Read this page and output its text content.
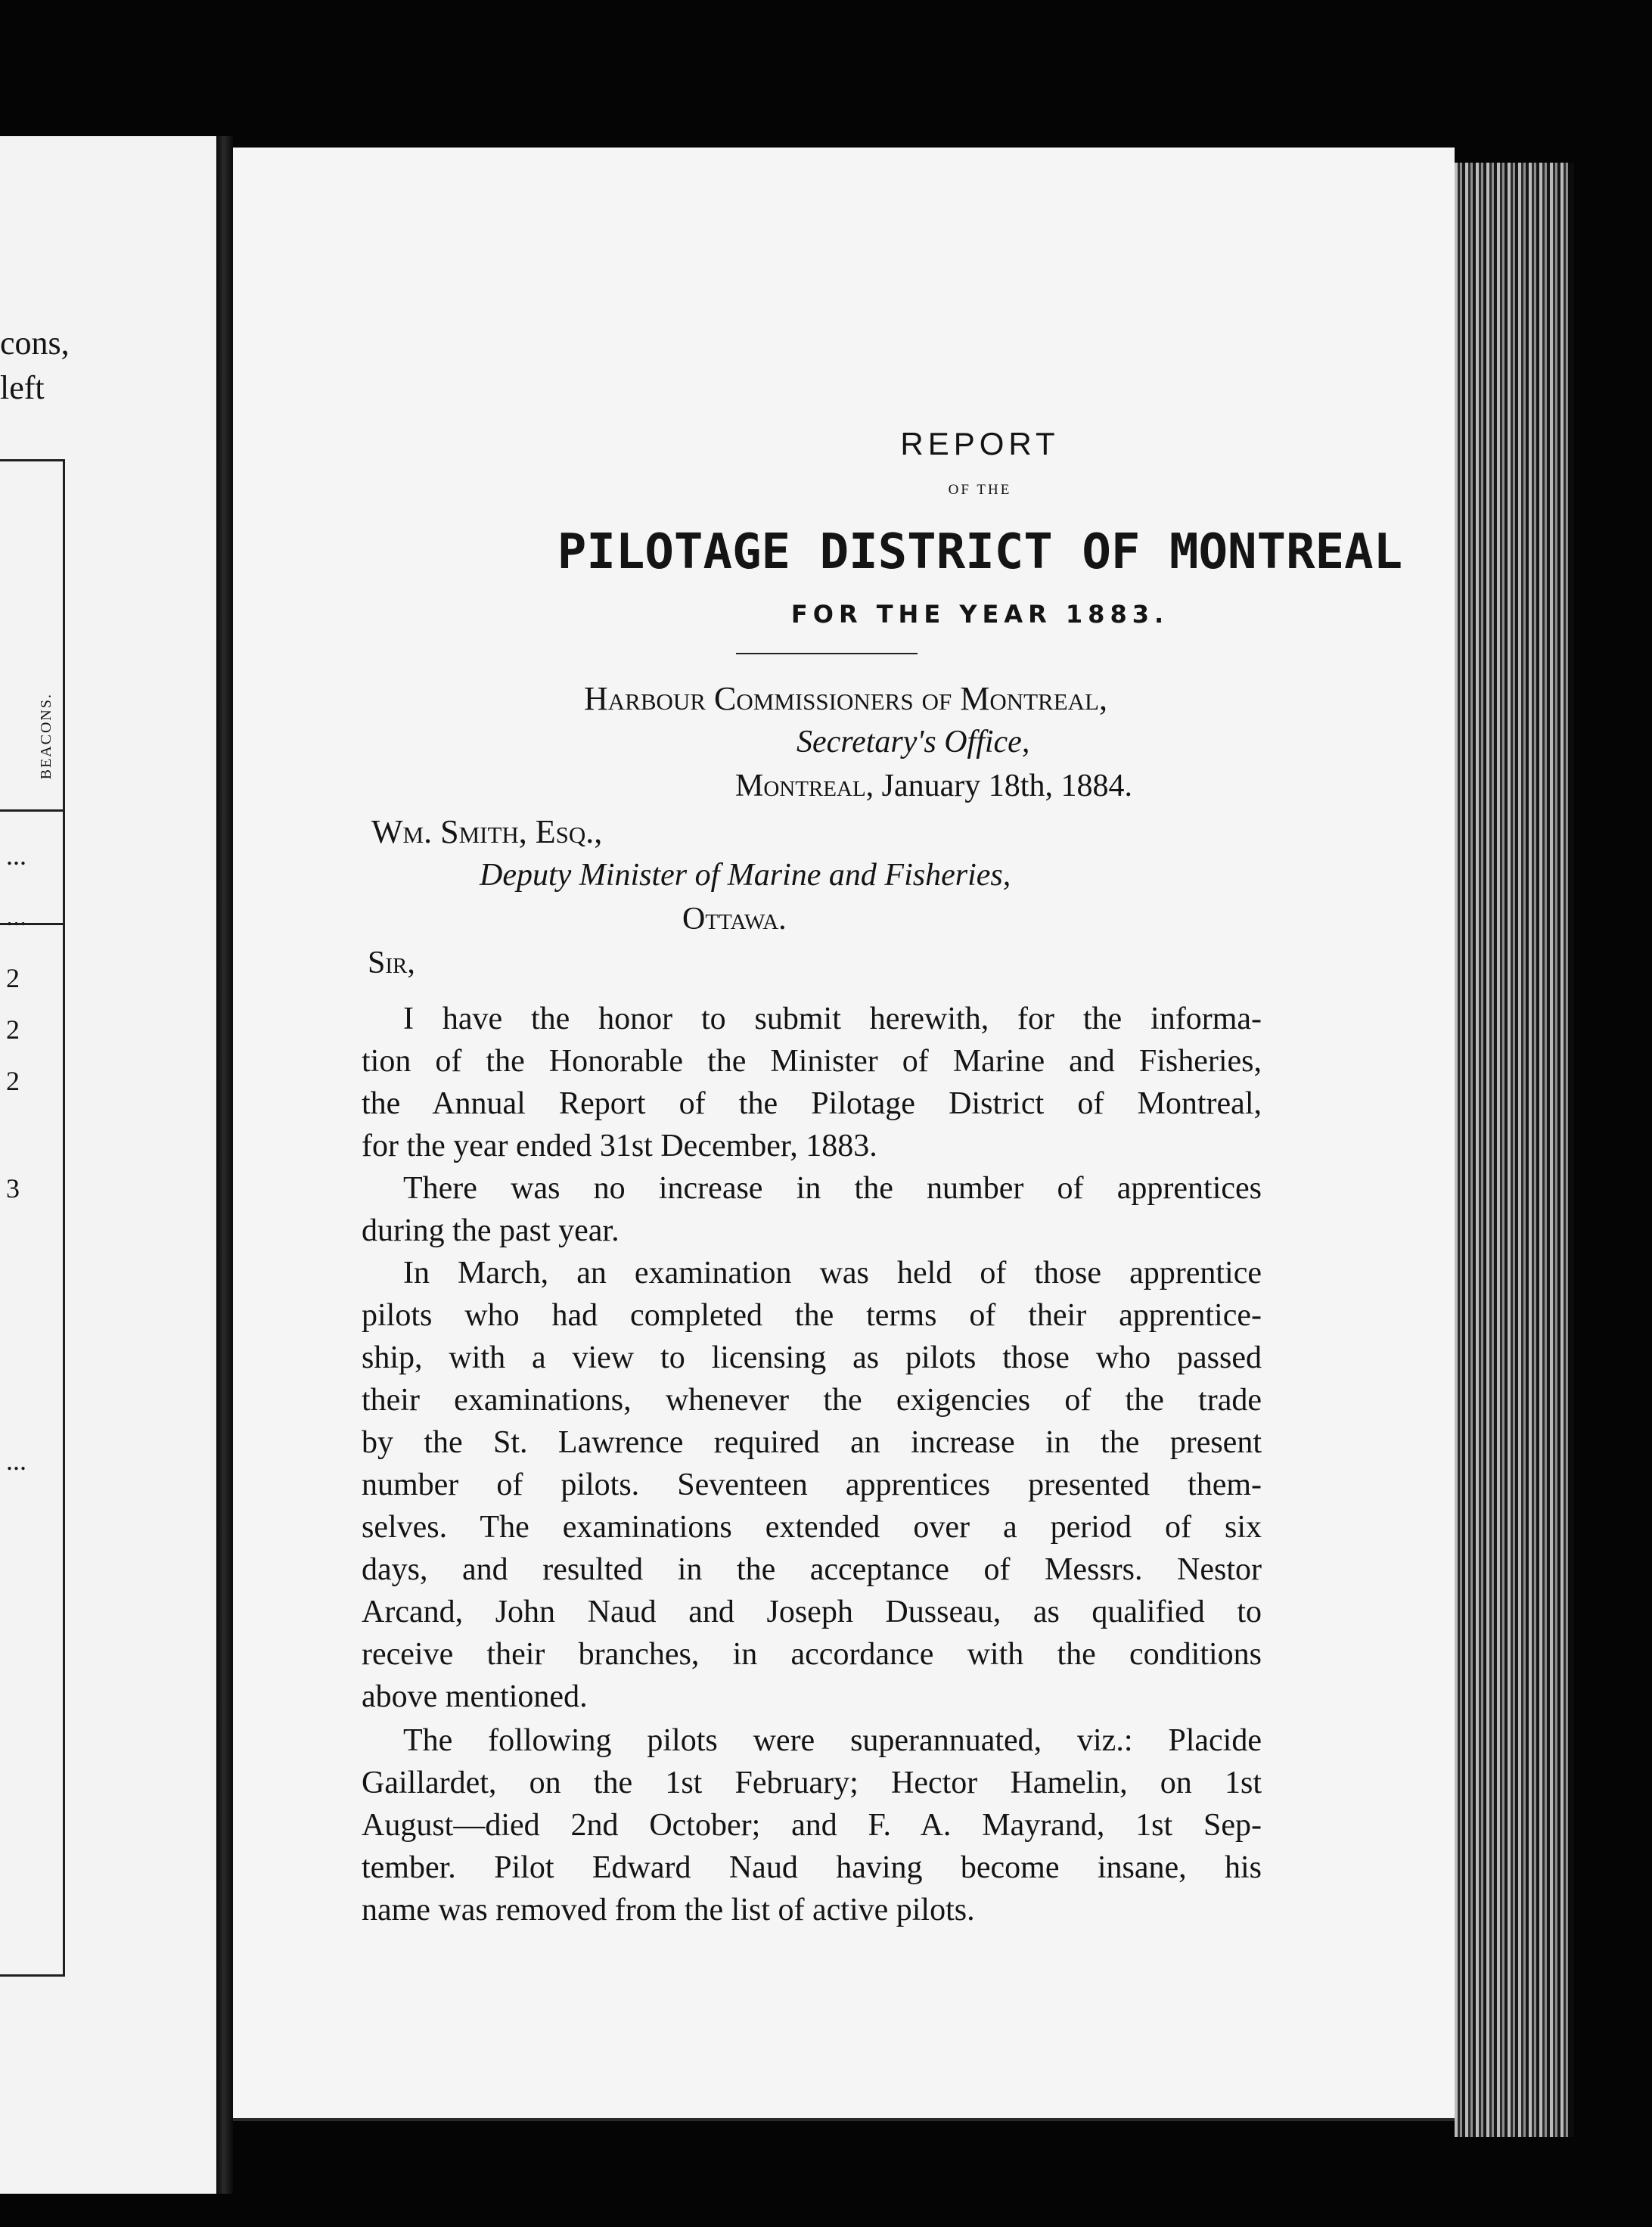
cons,
left
BEACONS.
...
...
2
2
2
3
...
REPORT
OF THE
PILOTAGE DISTRICT OF MONTREAL
FOR THE YEAR 1883.
Harbour Commissioners of Montreal,
Secretary's Office,
Montreal, January 18th, 1884.
Wm. Smith, Esq.,
Deputy Minister of Marine and Fisheries,
Ottawa.
Sir,
I have the honor to submit herewith, for the informa-
tion of the Honorable the Minister of Marine and Fisheries,
the Annual Report of the Pilotage District of Montreal,
for the year ended 31st December, 1883.
There was no increase in the number of apprentices
during the past year.
In March, an examination was held of those apprentice
pilots who had completed the terms of their apprentice-
ship, with a view to licensing as pilots those who passed
their examinations, whenever the exigencies of the trade
by the St. Lawrence required an increase in the present
number of pilots. Seventeen apprentices presented them-
selves. The examinations extended over a period of six
days, and resulted in the acceptance of Messrs. Nestor
Arcand, John Naud and Joseph Dusseau, as qualified to
receive their branches, in accordance with the conditions
above mentioned.
The following pilots were superannuated, viz.: Placide
Gaillardet, on the 1st February; Hector Hamelin, on 1st
August—died 2nd October; and F. A. Mayrand, 1st Sep-
tember. Pilot Edward Naud having become insane, his
name was removed from the list of active pilots.
